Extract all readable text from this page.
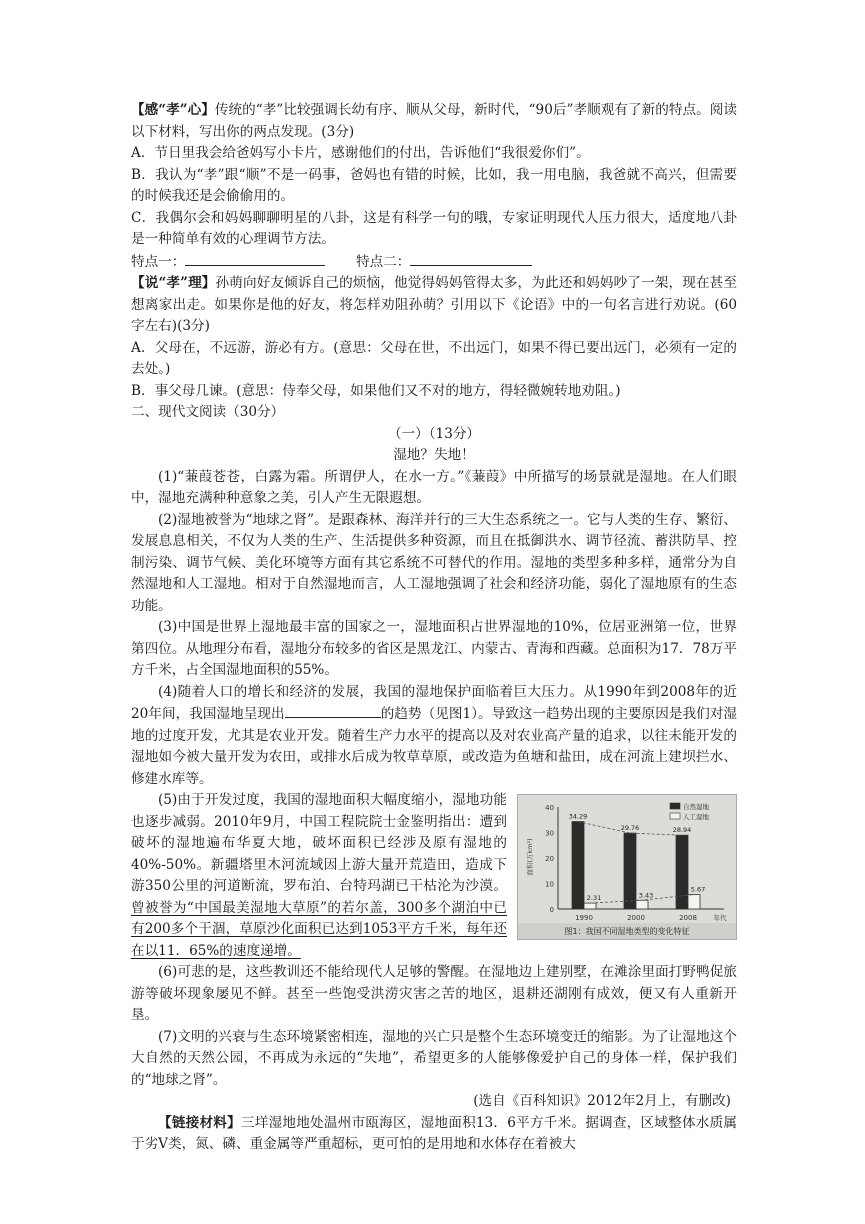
【感“孝”心】传统的“孝”比较强调长幼有序、顺从父母，新时代，“90后”孝顺观有了新的特点。阅读以下材料，写出你的两点发现。(3分)

A．节日里我会给爸妈写小卡片，感谢他们的付出，告诉他们“我很爱你们”。

B．我认为“孝”跟“顺”不是一码事，爸妈也有错的时候，比如，我一用电脑，我爸就不高兴，但需要的时候我还是会偷偷用的。

C．我偶尔会和妈妈聊聊明星的八卦，这是有科学一句的哦，专家证明现代人压力很大，适度地八卦是一种简单有效的心理调节方法。

特点一：	特点二：

【说“孝”理】孙萌向好友倾诉自己的烦恼，他觉得妈妈管得太多，为此还和妈妈吵了一架，现在甚至想离家出走。如果你是他的好友，将怎样劝阻孙萌？引用以下《论语》中的一句名言进行劝说。(60字左右)(3分)

A．父母在，不远游，游必有方。(意思：父母在世，不出远门，如果不得已要出远门，必须有一定的去处。)

B．事父母几谏。(意思：侍奉父母，如果他们又不对的地方，得轻微婉转地劝阻。)

二、现代文阅读（30分）

（一）（13分）

湿地？失地！

(1)“蒹葭苍苍，白露为霜。所谓伊人，在水一方。”《蒹葭》中所描写的场景就是湿地。在人们眼中，湿地充满种种意象之美，引人产生无限遐想。

(2)湿地被誉为“地球之肾”。是跟森林、海洋并行的三大生态系统之一。它与人类的生存、繁衍、发展息息相关，不仅为人类的生产、生活提供多种资源，而且在抵御洪水、调节径流、蓄洪防旱、控制污染、调节气候、美化环境等方面有其它系统不可替代的作用。湿地的类型多种多样，通常分为自然湿地和人工湿地。相对于自然湿地而言，人工湿地强调了社会和经济功能，弱化了湿地原有的生态功能。

(3)中国是世界上湿地最丰富的国家之一，湿地面积占世界湿地的10%，位居亚洲第一位，世界第四位。从地理分布看，湿地分布较多的省区是黑龙江、内蒙古、青海和西藏。总面积为17．78万平方千米，占全国湿地面积的55%。

(4)随着人口的增长和经济的发展，我国的湿地保护面临着巨大压力。从1990年到2008年的近20年间，我国湿地呈现出	的趋势（见图1）。导致这一趋势出现的主要原因是我们对湿地的过度开发，尤其是农业开发。随着生产力水平的提高以及对农业高产量的追求，以往未能开发的湿地如今被大量开发为农田，或排水后成为牧草草原，或改造为鱼塘和盐田，成在河流上建坝拦水、修建水库等。

0
10
20
30
40
面积(万km²)
34.29
2.31
1990
29.76
3.43
2000
28.94
5.67
2008	年代
自然湿地
人工湿地
图1：我国不同湿地类型的变化特征

(5)由于开发过度，我国的湿地面积大幅度缩小，湿地功能也逐步减弱。2010年9月，中国工程院院士金鉴明指出：遭到破坏的湿地遍布华夏大地，破坏面积已经涉及原有湿地的40%-50%。新疆塔里木河流域因上游大量开荒造田，造成下游350公里的河道断流，罗布泊、台特玛湖已干枯沦为沙漠。曾被誉为“中国最美湿地大草原”的若尔盖，300多个湖泊中已有200多个干涸，草原沙化面积已达到1053平方千米，每年还在以11．65%的速度递增。

(6)可悲的是，这些教训还不能给现代人足够的警醒。在湿地边上建别墅，在滩涂里面打野鸭促旅游等破坏现象屡见不鲜。甚至一些饱受洪涝灾害之苦的地区，退耕还湖刚有成效，便又有人重新开垦。

(7)文明的兴衰与生态环境紧密相连，湿地的兴亡只是整个生态环境变迁的缩影。为了让湿地这个大自然的天然公园，不再成为永远的“失地”，希望更多的人能够像爱护自己的身体一样，保护我们的“地球之肾”。

(选自《百科知识》2012年2月上，有删改)

【链接材料】三垟湿地地处温州市瓯海区，湿地面积13．6平方千米。据调查，区域整体水质属于劣Ⅴ类，氮、磷、重金属等严重超标，更可怕的是用地和水体存在着被大
